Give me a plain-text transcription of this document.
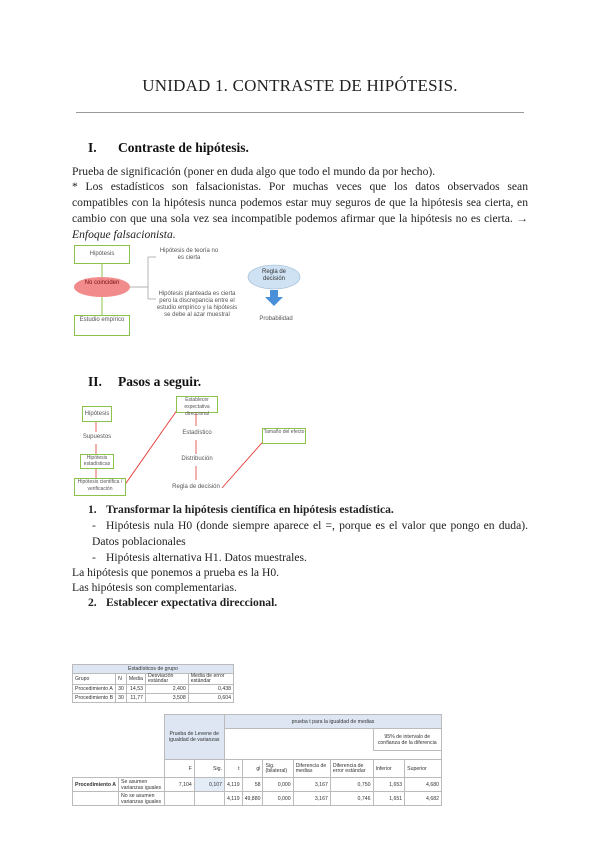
UNIDAD 1. CONTRASTE DE HIPÓTESIS.
I. Contraste de hipótesis.
Prueba de significación (poner en duda algo que todo el mundo da por hecho).
* Los estadísticos son falsacionistas. Por muchas veces que los datos observados sean compatibles con la hipótesis nunca podemos estar muy seguros de que la hipótesis sea cierta, en cambio con que una sola vez sea incompatible podemos afirmar que la hipótesis no es cierta. → Enfoque falsacionista.
Hipótesis
No coinciden
Estudio empírico
Hipótesis de teoría no es cierta
Hipótesis planteada es cierta pero la discrepancia entre el estudio empírico y la hipótesis se debe al azar muestral
Regla de decisión
Probabilidad
II. Pasos a seguir.
Hipótesis
Supuestos
Hipótesis estadísticas
Hipótesis científica / verificación
Establecer expectativa direccional
Estadístico
Distribución
Regla de decisión
Tamaño del efecto
1. Transformar la hipótesis científica en hipótesis estadística.
- Hipótesis nula H0 (donde siempre aparece el =, porque es el valor que pongo en duda). Datos poblacionales
- Hipótesis alternativa H1. Datos muestrales.
La hipótesis que ponemos a prueba es la H0.
Las hipótesis son complementarias.
2. Establecer expectativa direccional.
Estadísticos de grupo				
Grupo	N	Media	Desviación estándar	Media de error estándar
Procedimiento A	30	14,53	2,400	0,438
Procedimiento B	30	11,77	3,508	0,604
		Prueba de Levene de igualdad de varianzas		prueba t para la igualdad de medias						
									95% de intervalo de confianza de la diferencia	

		F	Sig.	t	gl	Sig. (bilateral)	Diferencia de medias	Diferencia de error estándar	Inferior	Superior
Procedimiento A	Se asumen varianzas iguales	7,104	0,107	4,119	58	0,000	3,167	0,750	1,653	4,680
	No se asumen varianzas iguales			4,119	49,880	0,000	3,167	0,746	1,651	4,682
